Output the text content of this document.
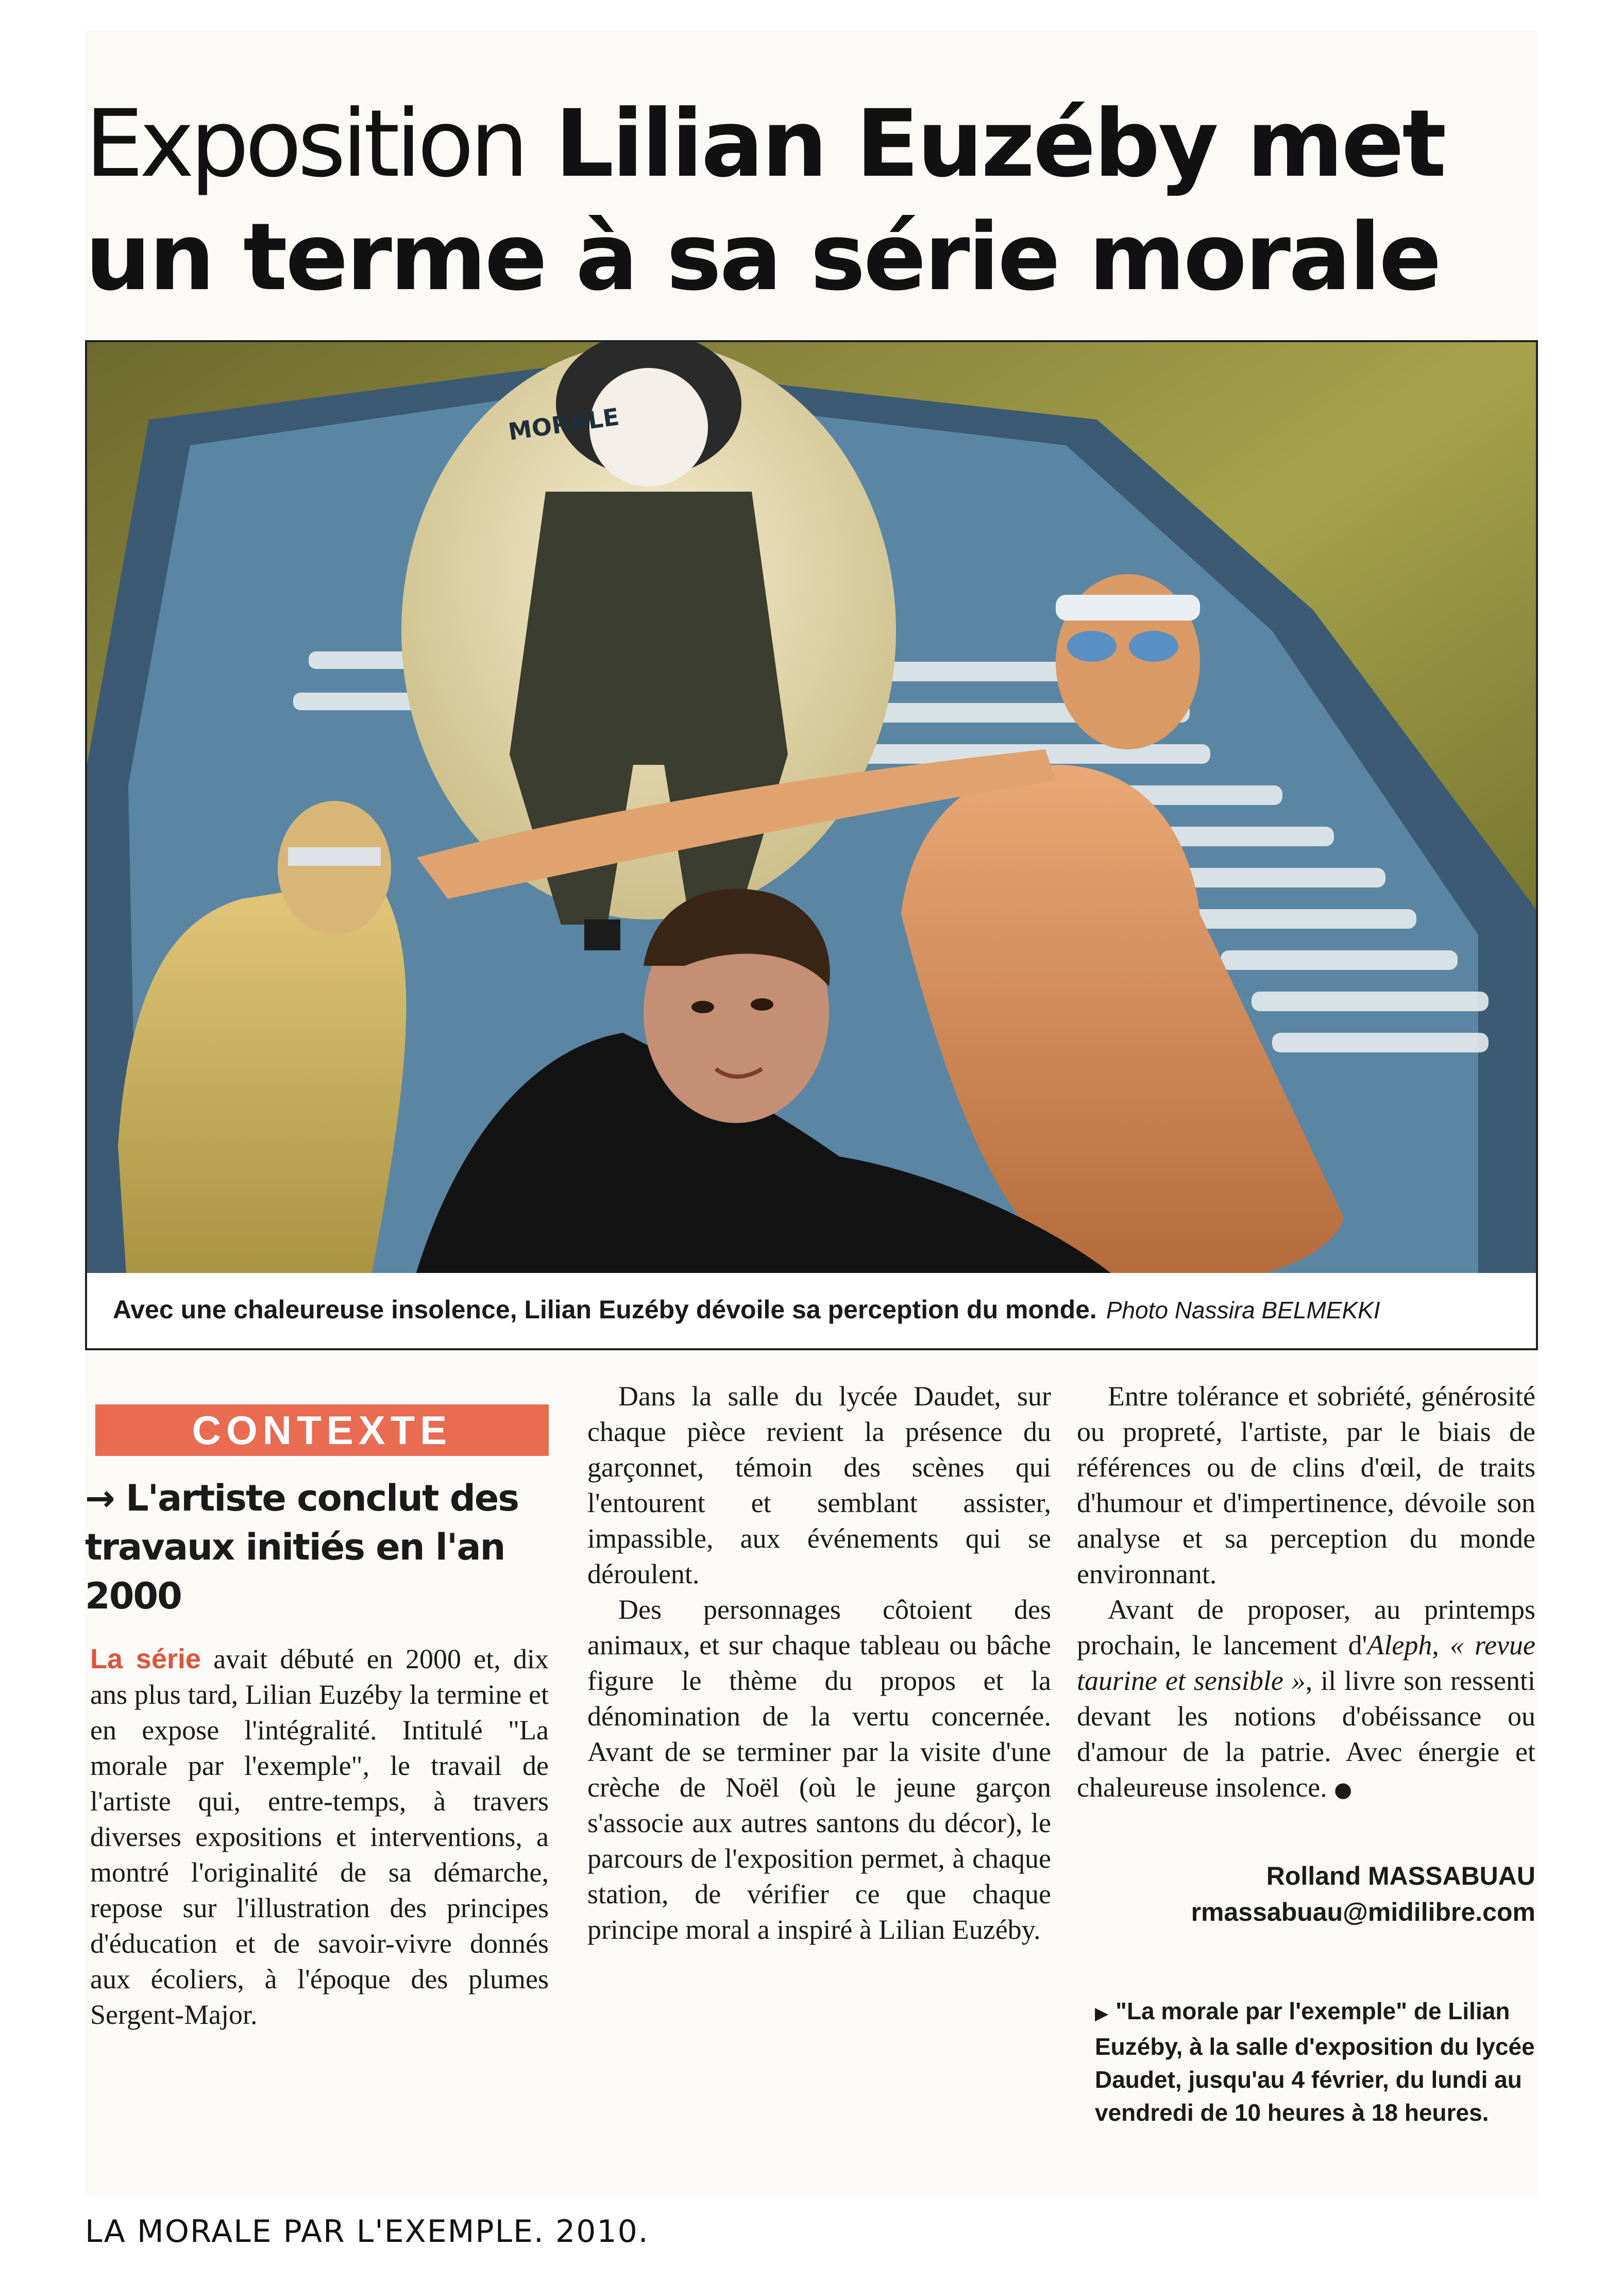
Exposition Lilian Euzéby met un terme à sa série morale
MORALE
Avec une chaleureuse insolence, Lilian Euzéby dévoile sa perception du monde. Photo Nassira BELMEKKI
CONTEXTE
→ L'artiste conclut des travaux initiés en l'an 2000

La série avait débuté en 2000 et, dix ans plus tard, Lilian Euzéby la termine et en expose l'intégralité. Intitulé "La morale par l'exemple", le travail de l'artiste qui, entre-temps, à travers diverses expositions et interventions, a montré l'originalité de sa démarche, repose sur l'illustration des principes d'éducation et de savoir-vivre donnés aux écoliers, à l'époque des plumes Sergent-Major.

Dans la salle du lycée Daudet, sur chaque pièce revient la présence du garçonnet, témoin des scènes qui l'entourent et semblant assister, impassible, aux événements qui se déroulent.

Des personnages côtoient des animaux, et sur chaque tableau ou bâche figure le thème du propos et la dénomination de la vertu concernée. Avant de se terminer par la visite d'une crèche de Noël (où le jeune garçon s'associe aux autres santons du décor), le parcours de l'exposition permet, à chaque station, de vérifier ce que chaque principe moral a inspiré à Lilian Euzéby.

Entre tolérance et sobriété, générosité ou propreté, l'artiste, par le biais de références ou de clins d'œil, de traits d'humour et d'impertinence, dévoile son analyse et sa perception du monde environnant.

Avant de proposer, au printemps prochain, le lancement d'Aleph, « revue taurine et sensible », il livre son ressenti devant les notions d'obéissance ou d'amour de la patrie. Avec énergie et chaleureuse insolence. ●

Rolland MASSABUAU
rmassabuau@midilibre.com
▶ "La morale par l'exemple" de Lilian Euzéby, à la salle d'exposition du lycée Daudet, jusqu'au 4 février, du lundi au vendredi de 10 heures à 18 heures.
LA MORALE PAR L'EXEMPLE. 2010.
